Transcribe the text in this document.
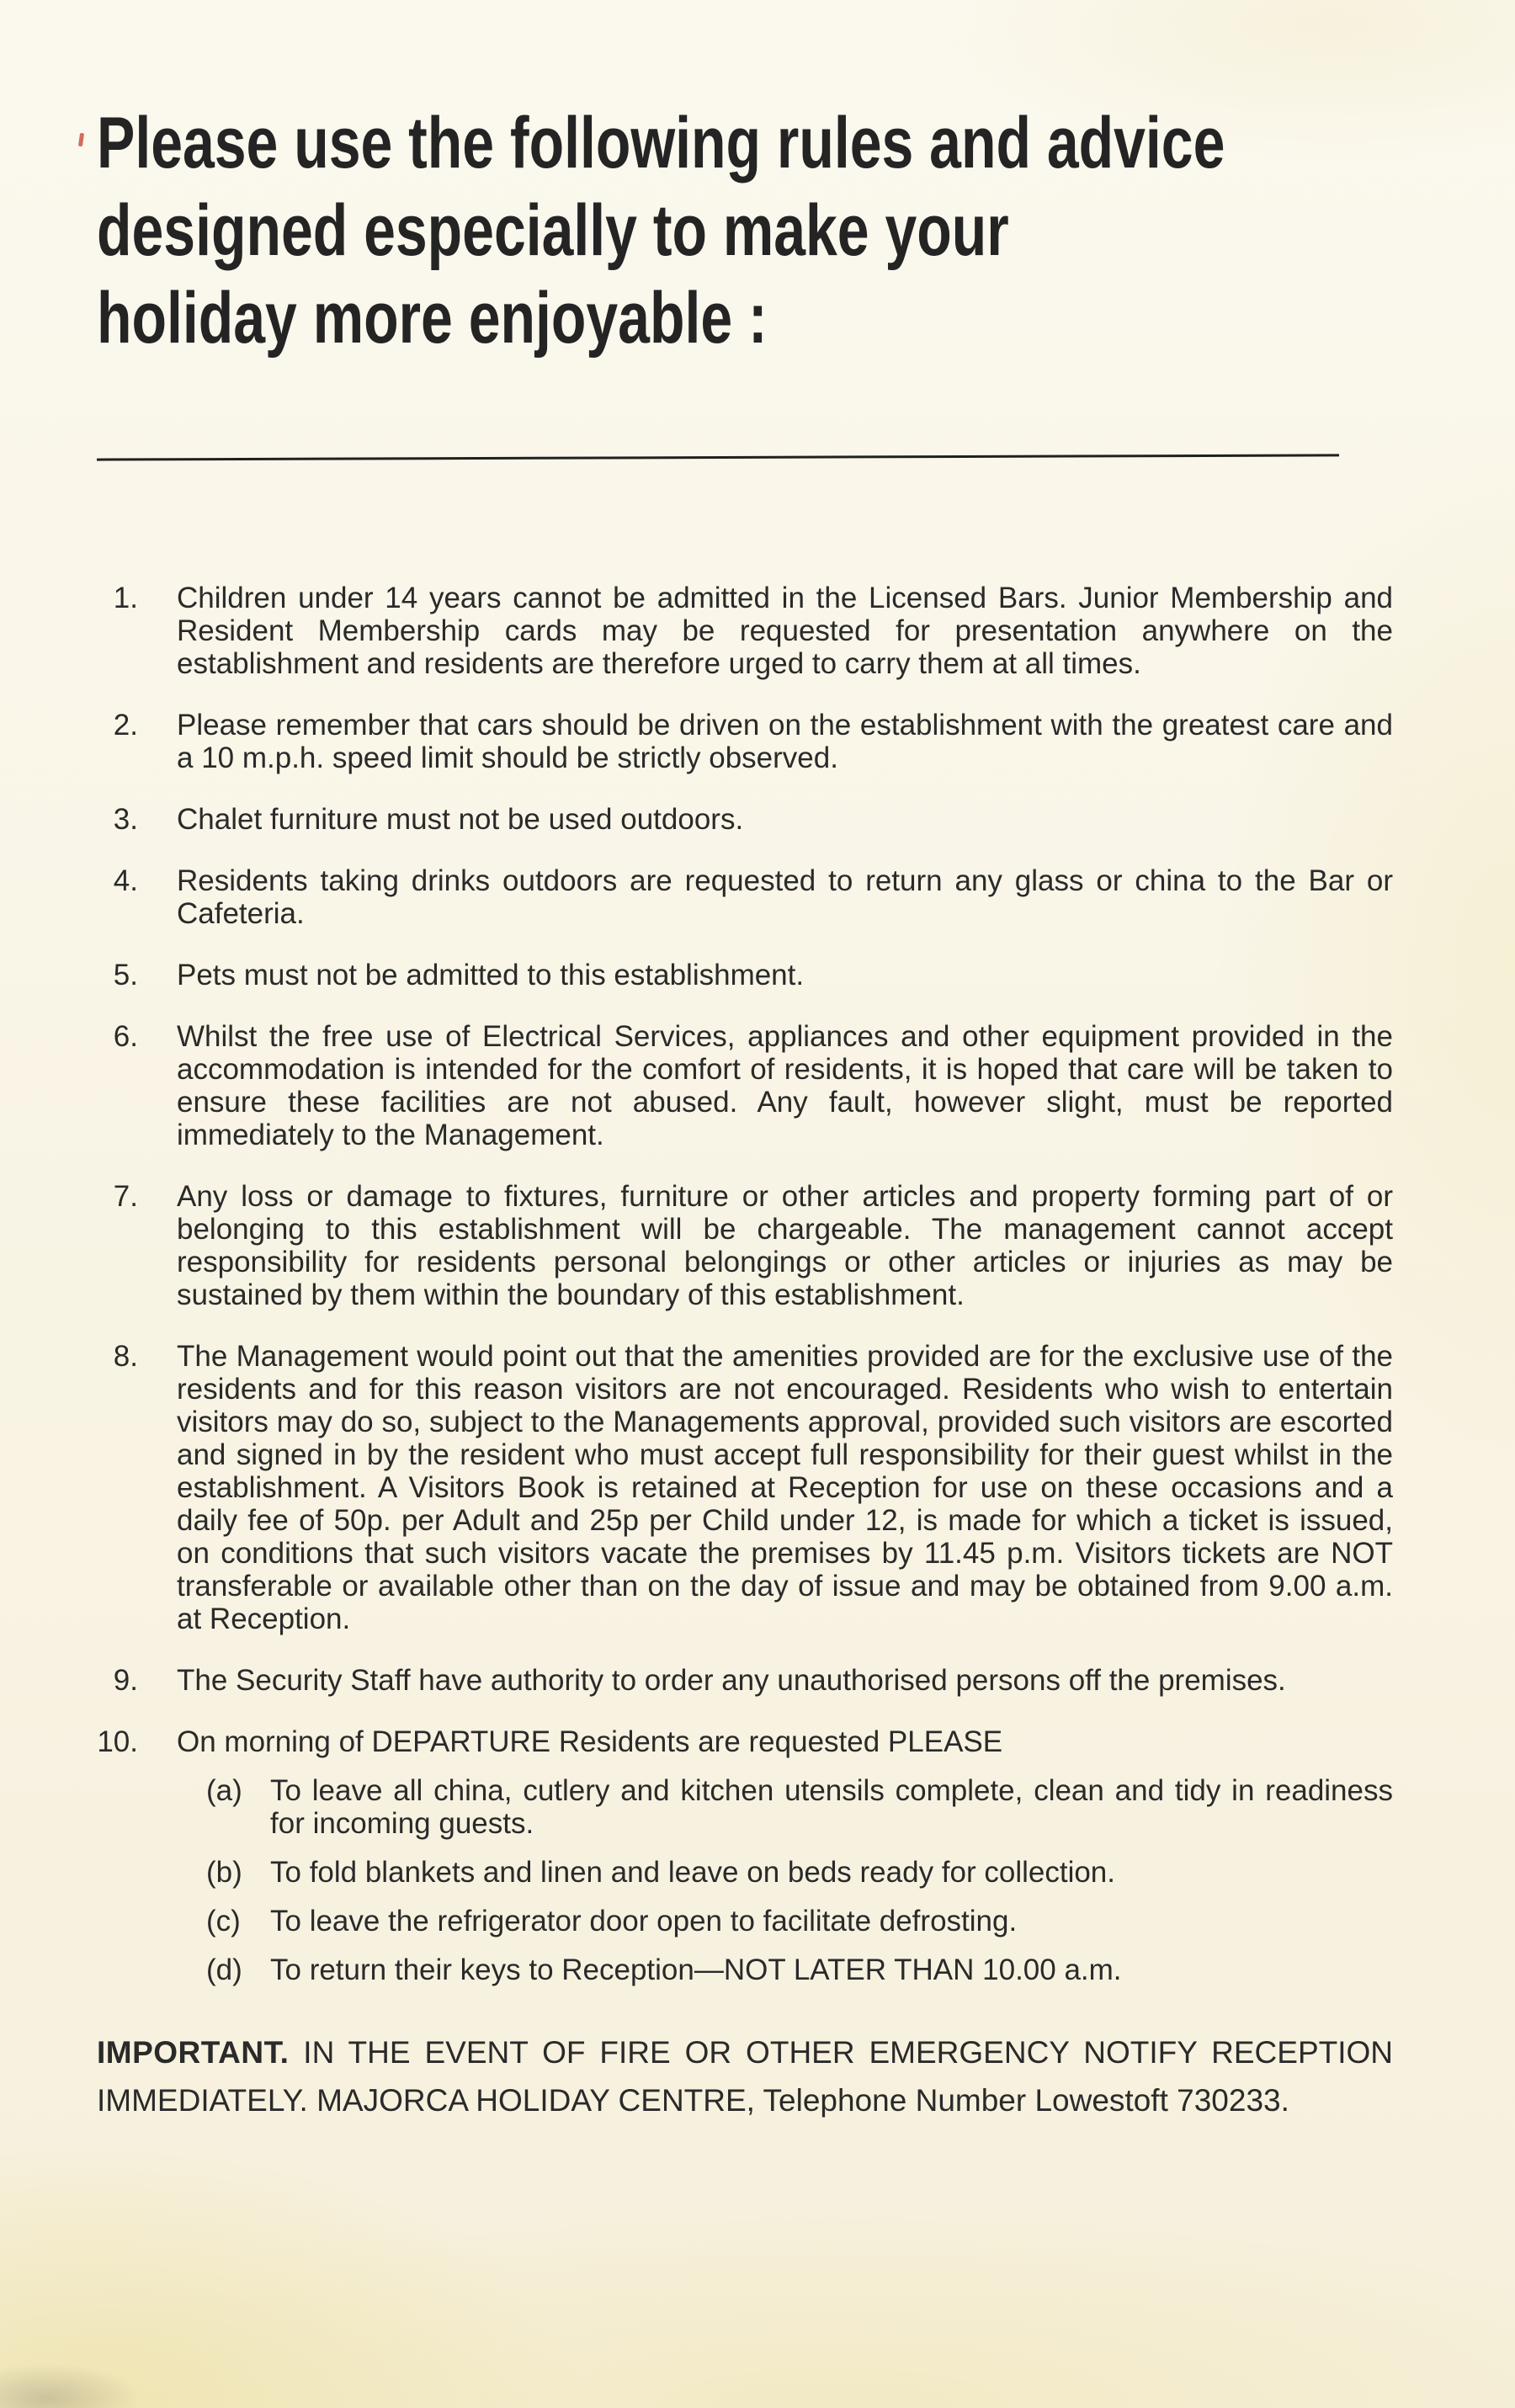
Please use the following rules and advice
designed especially to make your
holiday more enjoyable :
1.	Children under 14 years cannot be admitted in the Licensed Bars. Junior Membership and Resident Membership cards may be requested for presentation anywhere on the establishment and residents are therefore urged to carry them at all times.
2.	Please remember that cars should be driven on the establishment with the greatest care and a 10 m.p.h. speed limit should be strictly observed.
3.	Chalet furniture must not be used outdoors.
4.	Residents taking drinks outdoors are requested to return any glass or china to the Bar or Cafeteria.
5.	Pets must not be admitted to this establishment.
6.	Whilst the free use of Electrical Services, appliances and other equipment provided in the accommodation is intended for the comfort of residents, it is hoped that care will be taken to ensure these facilities are not abused. Any fault, however slight, must be reported immediately to the Management.
7.	Any loss or damage to fixtures, furniture or other articles and property forming part of or belonging to this establishment will be chargeable. The management cannot accept responsibility for residents personal belongings or other articles or injuries as may be sustained by them within the boundary of this establishment.
8.	The Management would point out that the amenities provided are for the exclusive use of the residents and for this reason visitors are not encouraged. Residents who wish to entertain visitors may do so, subject to the Managements approval, provided such visitors are escorted and signed in by the resident who must accept full responsibility for their guest whilst in the establishment. A Visitors Book is retained at Reception for use on these occasions and a daily fee of 50p. per Adult and 25p per Child under 12, is made for which a ticket is issued, on conditions that such visitors vacate the premises by 11.45 p.m. Visitors tickets are NOT transferable or available other than on the day of issue and may be obtained from 9.00 a.m. at Reception.
9.	The Security Staff have authority to order any unauthorised persons off the premises.
10.	On morning of DEPARTURE Residents are requested PLEASE
(a) To leave all china, cutlery and kitchen utensils complete, clean and tidy in readiness for incoming guests.
(b) To fold blankets and linen and leave on beds ready for collection.
(c)	To leave the refrigerator door open to facilitate defrosting.
(d) To return their keys to Reception—NOT LATER THAN 10.00 a.m.

IMPORTANT. IN THE EVENT OF FIRE OR OTHER EMERGENCY NOTIFY RECEPTION IMMEDIATELY. MAJORCA HOLIDAY CENTRE, Telephone Number Lowestoft 730233.
